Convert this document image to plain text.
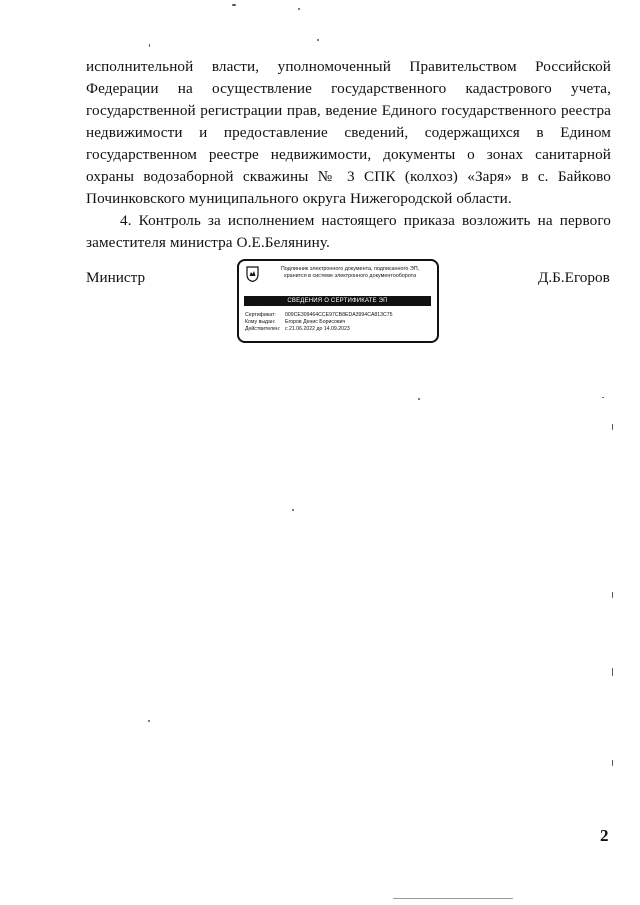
исполнительной власти, уполномоченный Правительством Российской Федерации на осуществление государственного кадастрового учета, государственной регистрации прав, ведение Единого государственного реестра недвижимости и предоставление сведений, содержащихся в Едином государственном реестре недвижимости, документы о зонах санитарной охраны водозаборной скважины № 3 СПК (колхоз) «Заря» в с. Байково Починковского муниципального округа Нижегородской области.

4. Контроль за исполнением настоящего приказа возложить на первого заместителя министра О.Е.Белянину.

Министр	Подлинник электронного документа, подписанного ЭП,
хранится в системе электронного документооборота
СВЕДЕНИЯ О СЕРТИФИКАТЕ ЭП
Сертификат: 009CE309464CCE97CB8EDA3994CA813C75
Кому выдан: Егоров Денис Борисович
Действителен: с 21.06.2022 до 14.09.2023
Д.Б.Егоров
2
